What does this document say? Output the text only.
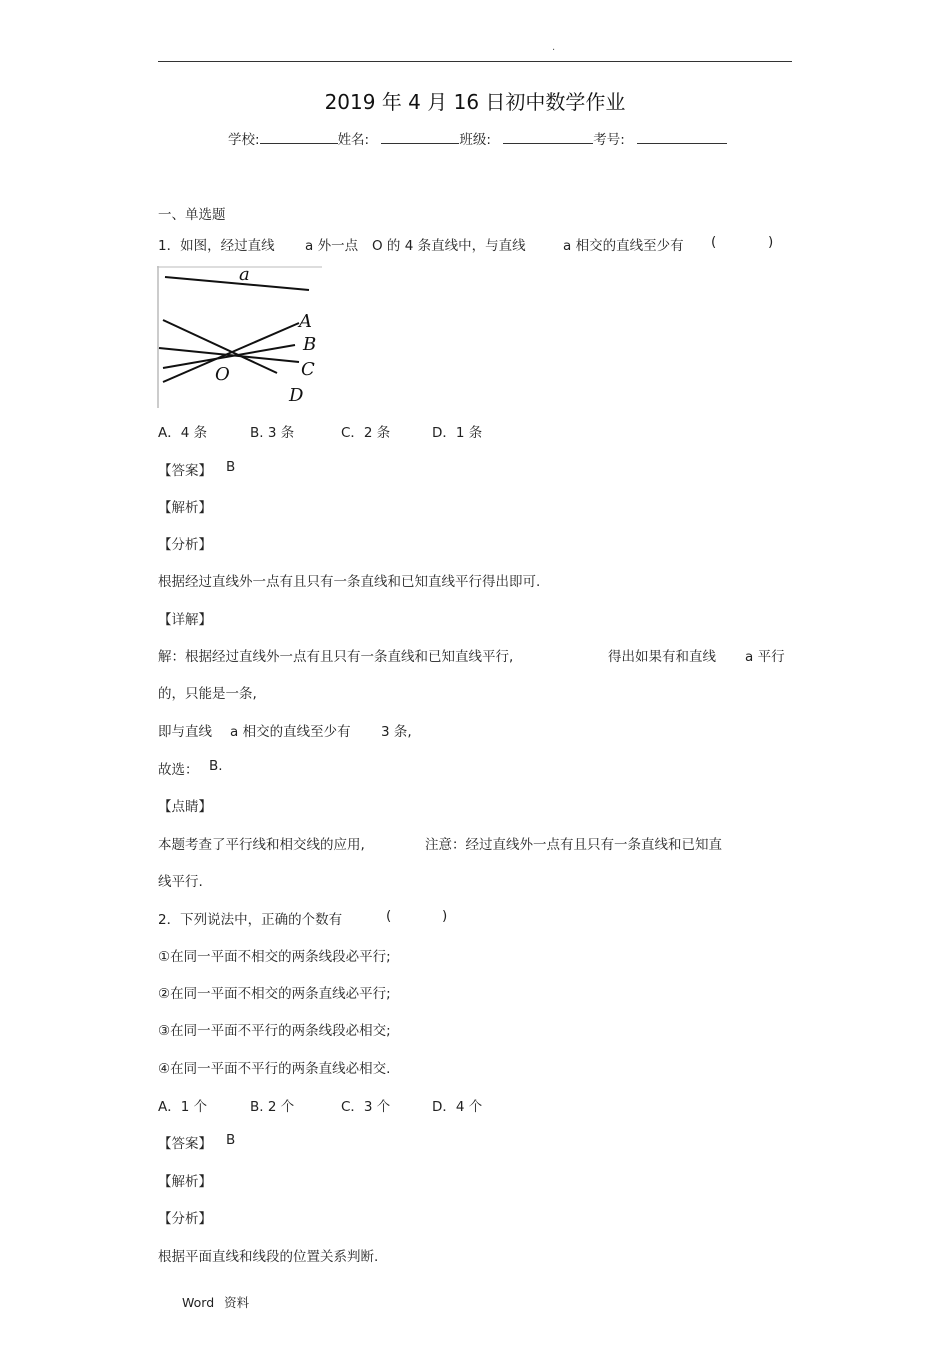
.
2019 年 4 月 16 日初中数学作业
学校:	姓名:	班级:	考号:
一、单选题
1．如图，经过直线 a 外一点 O 的 4 条直线中，与直线	a 相交的直线至少有 (	)
a
A
B
C
D
O
A．4 条	B. 3 条	C．2 条	D．1 条
【答案】 B
【解析】
【分析】
根据经过直线外一点有且只有一条直线和已知直线平行得出即可.
【详解】
解：根据经过直线外一点有且只有一条直线和已知直线平行,	得出如果有和直线 a 平行
的，只能是一条,
即与直线 a 相交的直线至少有 3 条,
故选： B.
【点睛】
本题考查了平行线和相交线的应用,	注意：经过直线外一点有且只有一条直线和已知直
线平行.
2．下列说法中，正确的个数有	(	)
①在同一平面不相交的两条线段必平行;
②在同一平面不相交的两条直线必平行;
③在同一平面不平行的两条线段必相交;
④在同一平面不平行的两条直线必相交.
A．1 个	B. 2 个	C．3 个	D．4 个
【答案】 B
【解析】
【分析】
根据平面直线和线段的位置关系判断.
Word 资料
